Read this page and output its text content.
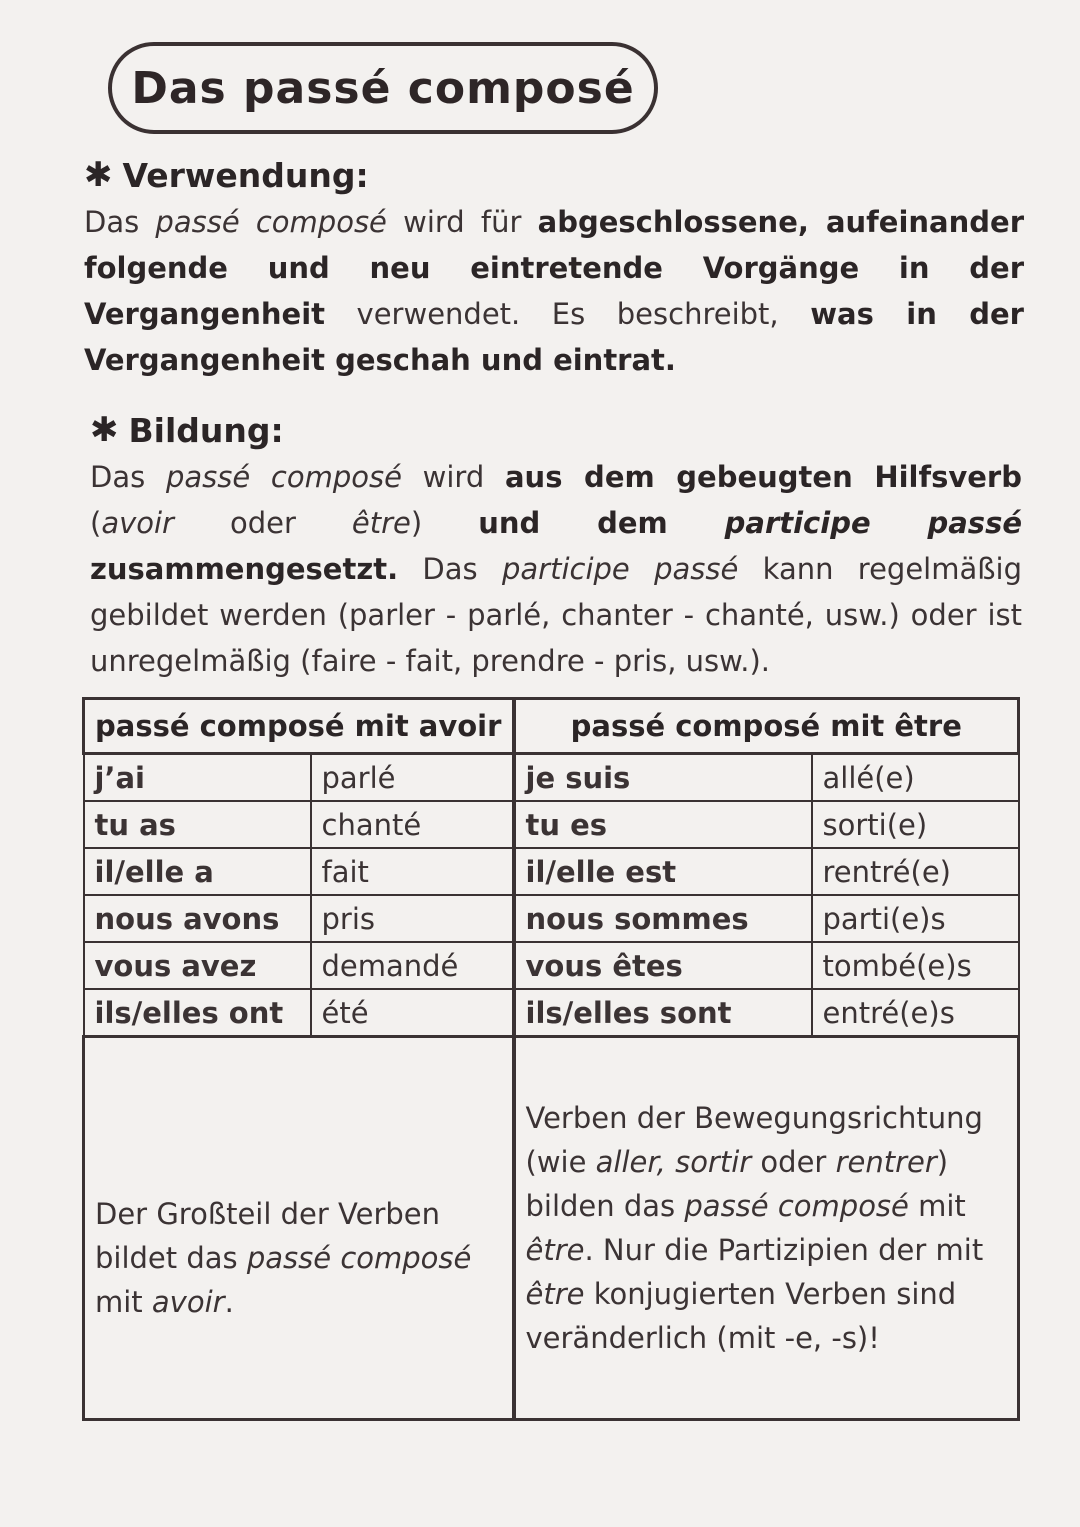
Das passé composé
✱ Verwendung:

Das passé composé wird für abgeschlossene, aufeinander folgende und neu eintretende Vorgänge in der Vergangenheit verwendet. Es beschreibt, was in der Vergangenheit geschah und eintrat.

✱ Bildung:

Das passé composé wird aus dem gebeugten Hilfsverb (avoir oder être) und dem participe passé zusammengesetzt. Das participe passé kann regelmäßig gebildet werden (parler - parlé, chanter - chanté, usw.) oder ist unregelmäßig (faire - fait, prendre - pris, usw.).

passé composé mit avoir		passé composé mit être	
j’ai	parlé	je suis	allé(e)
tu as	chanté	tu es	sorti(e)
il/elle a	fait	il/elle est	rentré(e)
nous avons	pris	nous sommes	parti(e)s
vous avez	demandé	vous êtes	tombé(e)s
ils/elles ont	été	ils/elles sont	entré(e)s
Der Großteil der Verben bildet das passé composé mit avoir.		Verben der Bewegungsrichtung (wie aller, sortir oder rentrer) bilden das passé composé mit être. Nur die Partizipien der mit être konjugierten Verben sind veränderlich (mit -e, -s)!	
